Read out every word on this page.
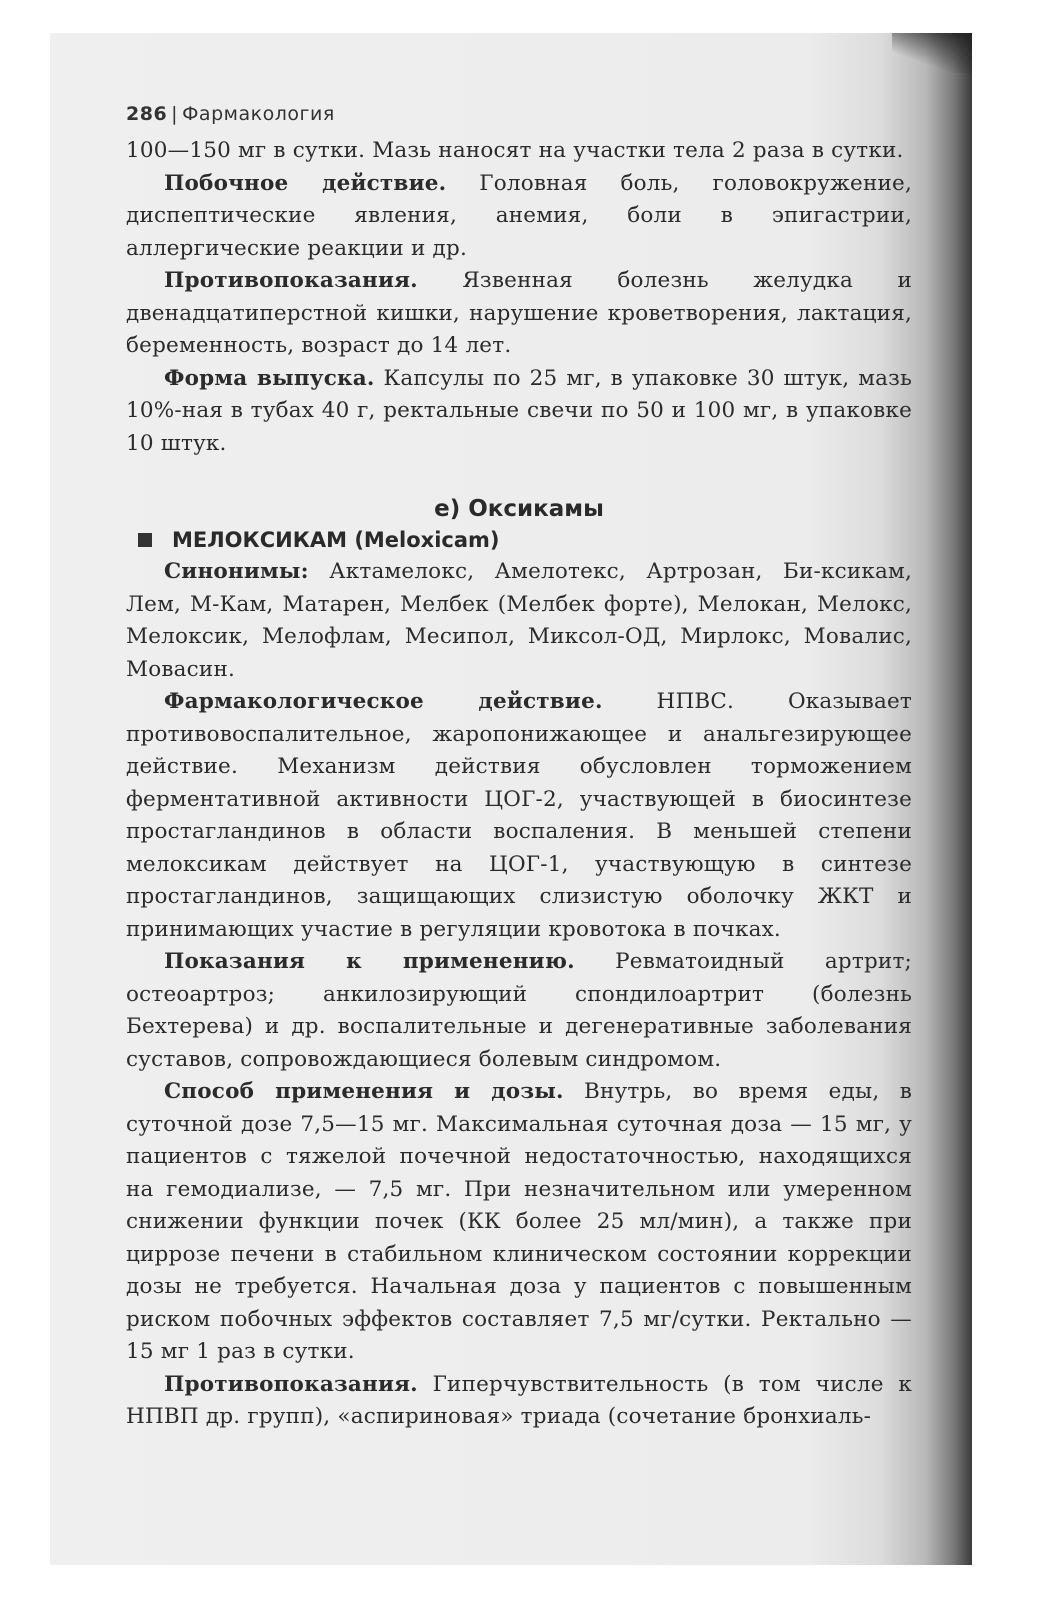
286 | Фармакология

100—150 мг в сутки. Мазь наносят на участки тела 2 раза в сутки.

Побочное действие. Головная боль, головокружение, диспептические явления, анемия, боли в эпигастрии, аллергические реакции и др.

Противопоказания. Язвенная болезнь желудка и двенадцатиперстной кишки, нарушение кроветворения, лактация, беременность, возраст до 14 лет.

Форма выпуска. Капсулы по 25 мг, в упаковке 30 штук, мазь 10%-ная в тубах 40 г, ректальные свечи по 50 и 100 мг, в упаковке 10 штук.

е) Оксикамы
МЕЛОКСИКАМ (Meloxicam)

Синонимы: Актамелокс, Амелотекс, Артрозан, Би-ксикам, Лем, М-Кам, Матарен, Мелбек (Мелбек форте), Мелокан, Мелокс, Мелоксик, Мелофлам, Месипол, Миксол-ОД, Мирлокс, Мовалис, Мовасин.

Фармакологическое действие. НПВС. Оказывает противовоспалительное, жаропонижающее и анальгезирующее действие. Механизм действия обусловлен торможением ферментативной активности ЦОГ-2, участвующей в биосинтезе простагландинов в области воспаления. В меньшей степени мелоксикам действует на ЦОГ-1, участвующую в синтезе простагландинов, защищающих слизистую оболочку ЖКТ и принимающих участие в регуляции кровотока в почках.

Показания к применению. Ревматоидный артрит; остеоартроз; анкилозирующий спондилоартрит (болезнь Бехтерева) и др. воспалительные и дегенеративные заболевания суставов, сопровождающиеся болевым синдромом.

Способ применения и дозы. Внутрь, во время еды, в суточной дозе 7,5—15 мг. Максимальная суточная доза — 15 мг, у пациентов с тяжелой почечной недостаточностью, находящихся на гемодиализе, — 7,5 мг. При незначительном или умеренном снижении функции почек (КК более 25 мл/мин), а также при циррозе печени в стабильном клиническом состоянии коррекции дозы не требуется. Начальная доза у пациентов с повышенным риском побочных эффектов составляет 7,5 мг/сутки. Ректально — 15 мг 1 раз в сутки.

Противопоказания. Гиперчувствительность (в том числе к НПВП др. групп), «аспириновая» триада (сочетание бронхиаль-
